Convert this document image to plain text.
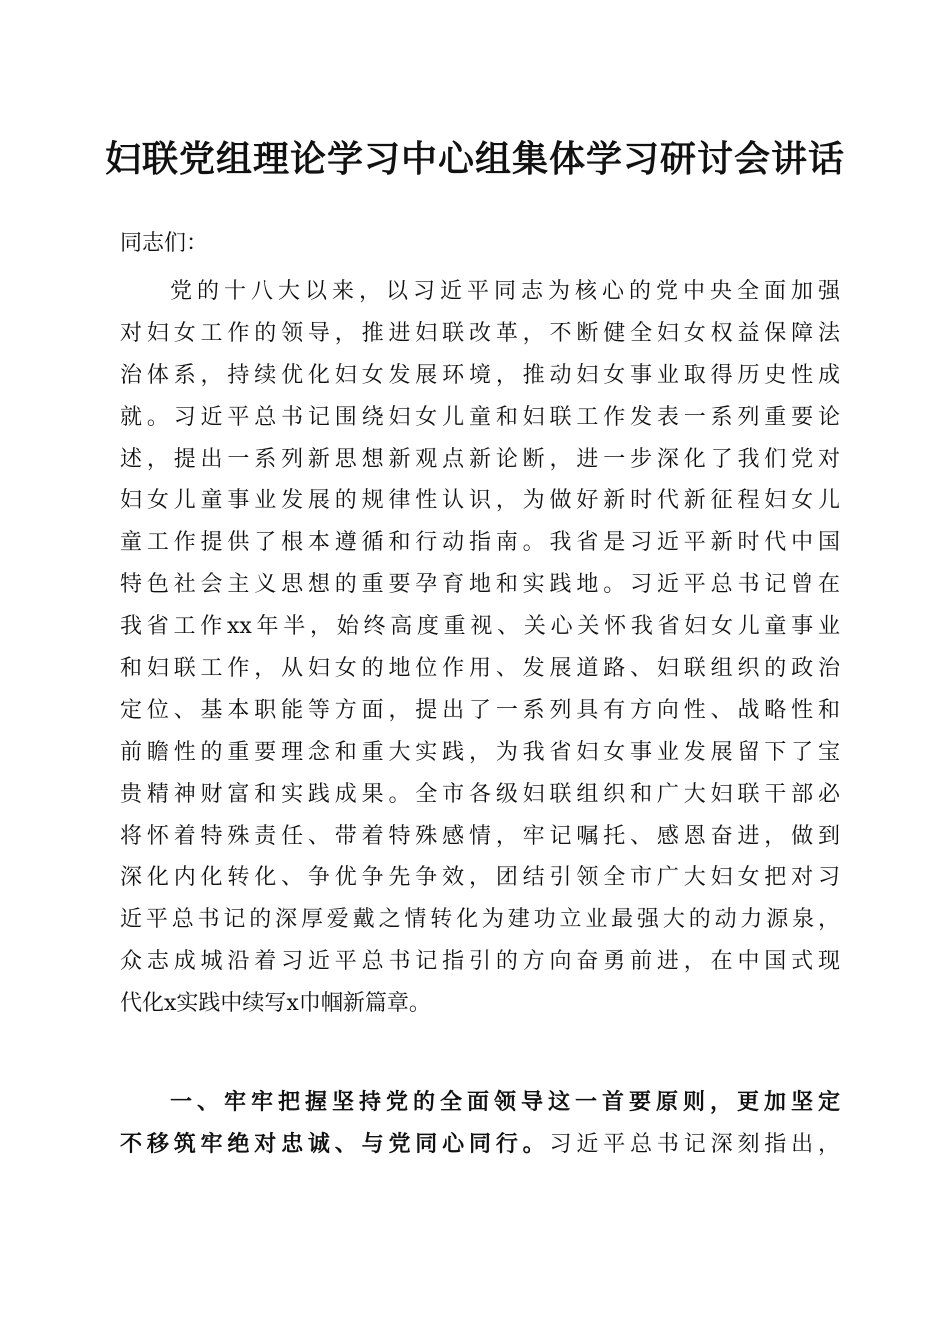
妇联党组理论学习中心组集体学习研讨会讲话

同志们：

党的十八大以来，以习近平同志为核心的党中央全面加强
对妇女工作的领导，推进妇联改革，不断健全妇女权益保障法
治体系，持续优化妇女发展环境，推动妇女事业取得历史性成
就。习近平总书记围绕妇女儿童和妇联工作发表一系列重要论
述，提出一系列新思想新观点新论断，进一步深化了我们党对
妇女儿童事业发展的规律性认识，为做好新时代新征程妇女儿
童工作提供了根本遵循和行动指南。我省是习近平新时代中国
特色社会主义思想的重要孕育地和实践地。习近平总书记曾在
我省工作xx年半，始终高度重视、关心关怀我省妇女儿童事业
和妇联工作，从妇女的地位作用、发展道路、妇联组织的政治
定位、基本职能等方面，提出了一系列具有方向性、战略性和
前瞻性的重要理念和重大实践，为我省妇女事业发展留下了宝
贵精神财富和实践成果。全市各级妇联组织和广大妇联干部必
将怀着特殊责任、带着特殊感情，牢记嘱托、感恩奋进，做到
深化内化转化、争优争先争效，团结引领全市广大妇女把对习
近平总书记的深厚爱戴之情转化为建功立业最强大的动力源泉，
众志成城沿着习近平总书记指引的方向奋勇前进，在中国式现
代化x实践中续写x巾帼新篇章。
一、牢牢把握坚持党的全面领导这一首要原则，更加坚定
不移筑牢绝对忠诚、与党同心同行。习近平总书记深刻指出，
